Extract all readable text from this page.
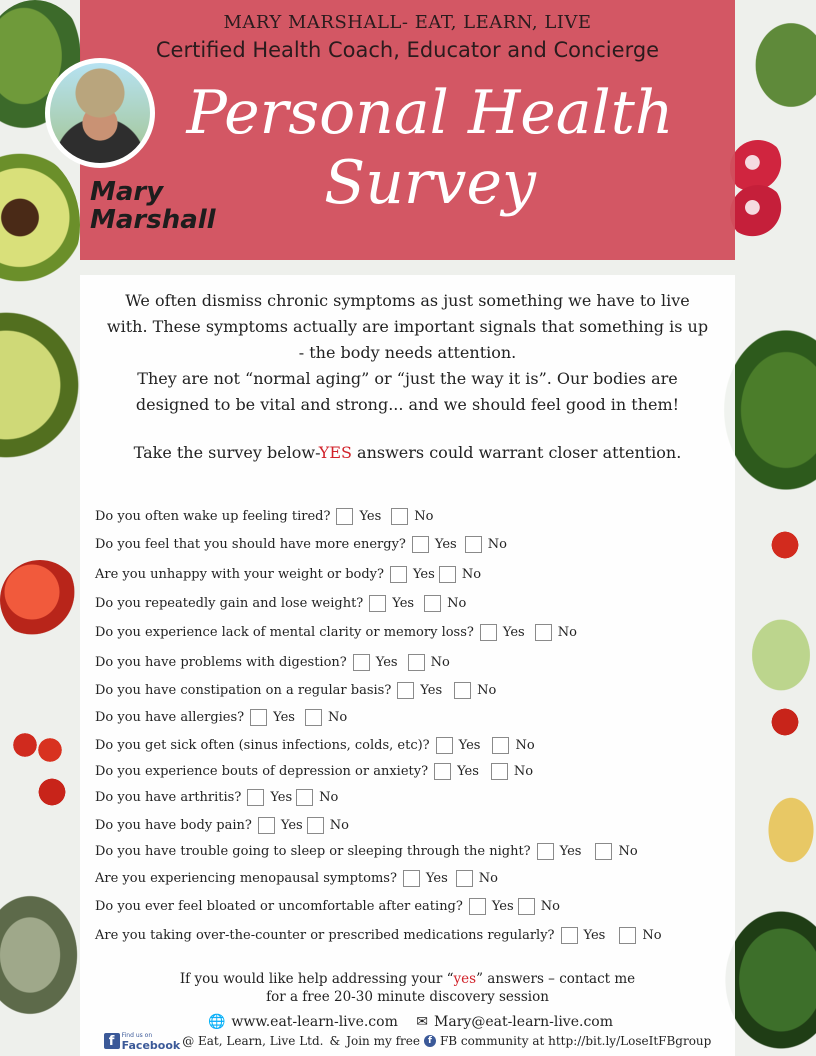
MARY MARSHALL- EAT, LEARN, LIVE
Certified Health Coach, Educator and Concierge
Personal Health
Survey
Mary
Marshall
We often dismiss chronic symptoms as just something we have to live
with. These symptoms actually are important signals that something is up
- the body needs attention.
They are not “normal aging” or “just the way it is”. Our bodies are
designed to be vital and strong... and we should feel good in them!
Take the survey below-YES answers could warrant closer attention.
Do you often wake up feeling tired? Yes	No
Do you feel that you should have more energy? Yes No
Are you unhappy with your weight or body? Yes No
Do you repeatedly gain and lose weight? Yes	No
Do you experience lack of mental clarity or memory loss? Yes	No
Do you have problems with digestion? Yes	No
Do you have constipation on a regular basis? Yes	No
Do you have allergies? Yes	No
Do you get sick often (sinus infections, colds, etc)? Yes	No
Do you experience bouts of depression or anxiety? Yes	No
Do you have arthritis? Yes No
Do you have body pain? Yes No
Do you have trouble going to sleep or sleeping through the night? Yes	No
Are you experiencing menopausal symptoms? Yes No
Do you ever feel bloated or uncomfortable after eating? Yes No
Are you taking over-the-counter or prescribed medications regularly? Yes	No
If you would like help addressing your “yes” answers – contact me
for a free 20-30 minute discovery session
🌐 www.eat-learn-live.com ✉ Mary@eat-learn-live.com
f	Find us on
Facebook @ Eat, Learn, Live Ltd. & Join my free f FB community at http://bit.ly/LoseItFBgroup
